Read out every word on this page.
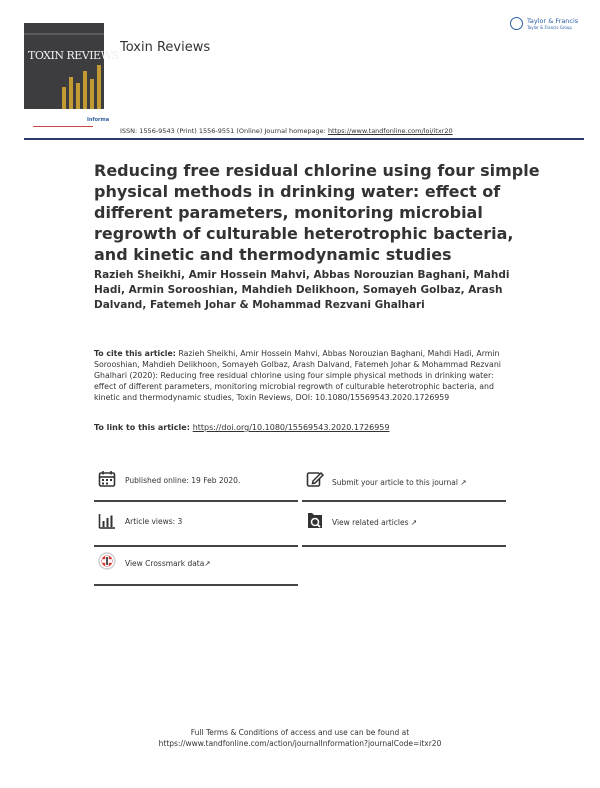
TOXIN REVIEWS
Informa
Toxin Reviews
Taylor & Francis
Taylor & Francis Group
ISSN: 1556-9543 (Print) 1556-9551 (Online) Journal homepage: https://www.tandfonline.com/loi/itxr20
Reducing free residual chlorine using four simple physical methods in drinking water: effect of different parameters, monitoring microbial regrowth of culturable heterotrophic bacteria, and kinetic and thermodynamic studies
Razieh Sheikhi, Amir Hossein Mahvi, Abbas Norouzian Baghani, Mahdi Hadi, Armin Sorooshian, Mahdieh Delikhoon, Somayeh Golbaz, Arash Dalvand, Fatemeh Johar & Mohammad Rezvani Ghalhari
To cite this article: Razieh Sheikhi, Amir Hossein Mahvi, Abbas Norouzian Baghani, Mahdi Hadi, Armin Sorooshian, Mahdieh Delikhoon, Somayeh Golbaz, Arash Dalvand, Fatemeh Johar & Mohammad Rezvani Ghalhari (2020): Reducing free residual chlorine using four simple physical methods in drinking water: effect of different parameters, monitoring microbial regrowth of culturable heterotrophic bacteria, and kinetic and thermodynamic studies, Toxin Reviews, DOI: 10.1080/15569543.2020.1726959
To link to this article: https://doi.org/10.1080/15569543.2020.1726959
Published online: 19 Feb 2020.	Submit your article to this journal ↗
Article views: 3	View related articles ↗
View Crossmark data↗
Full Terms & Conditions of access and use can be found at
https://www.tandfonline.com/action/journalInformation?journalCode=itxr20
